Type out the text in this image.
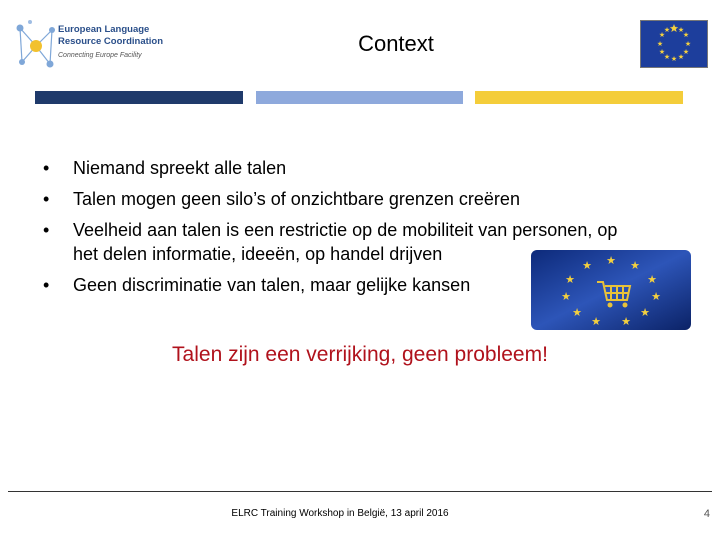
European Language
Resource Coordination
Connecting Europe Facility	Context
★ ★
★
★
★
★
★
★
★
★
★
★
• Niemand spreekt alle talen
• Talen mogen geen silo’s of onzichtbare grenzen creëren
• Veelheid aan talen is een restrictie op de mobiliteit van personen, op het delen informatie, ideeën, op handel drijven
• Geen discriminatie van talen, maar gelijke kansen
★ ★
★
★
★
★
★
★
★
★
★
Talen zijn een verrijking, geen probleem!
ELRC Training Workshop in België, 13 april 2016	4
